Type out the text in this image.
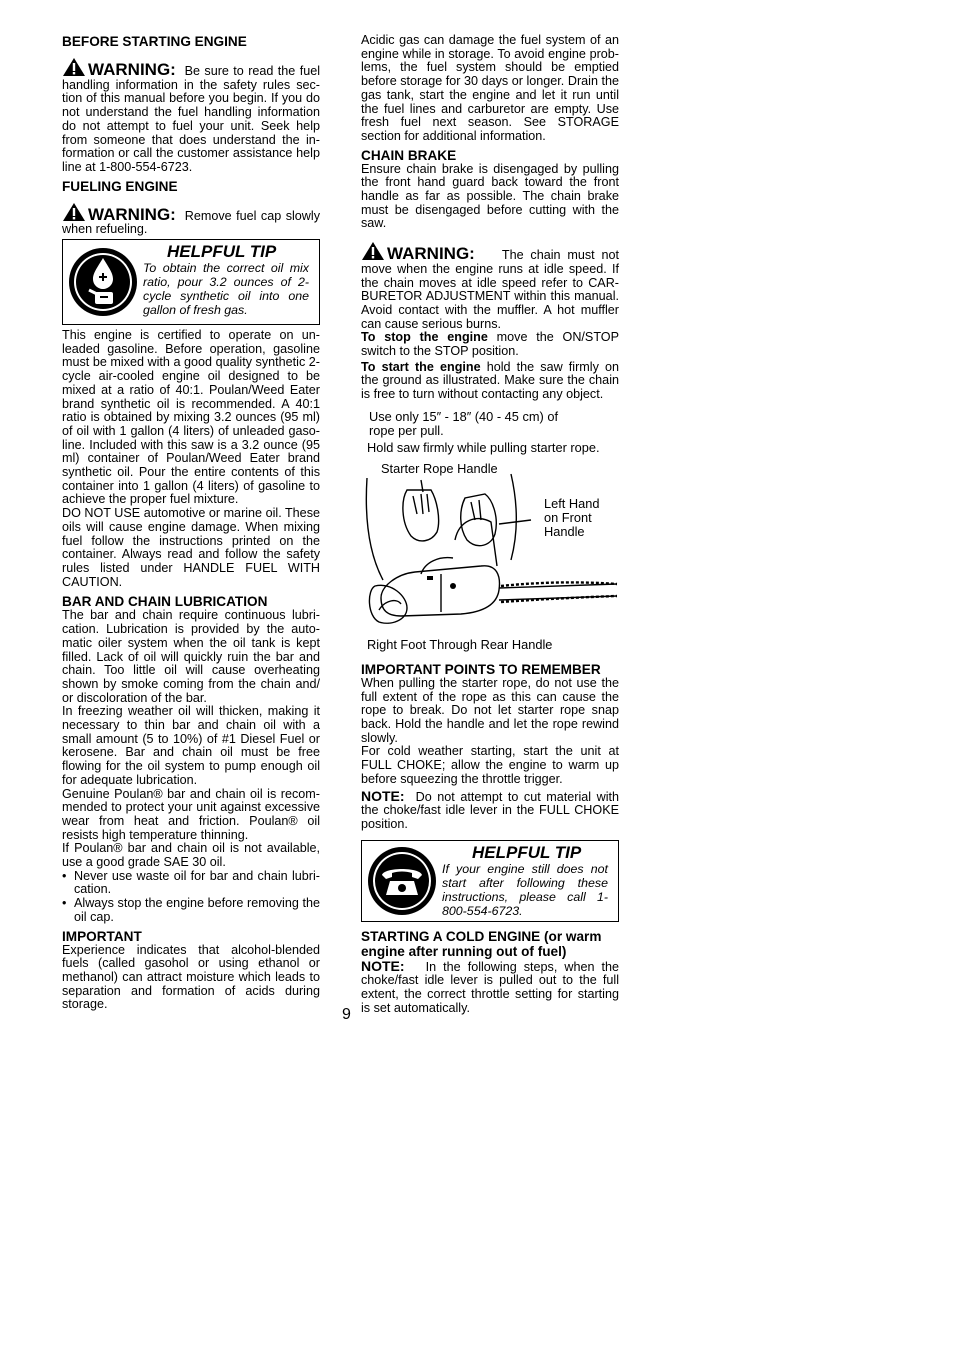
BEFORE STARTING ENGINE

WARNING: Be sure to read the fuel handling information in the safety rules section of this manual before you begin. If you do not understand the fuel handling information do not attempt to fuel your unit. Seek help from someone that does understand the information or call the customer assistance help line at 1-800-554-6723.

FUELING ENGINE

WARNING: Remove fuel cap slowly when refueling.

HELPFUL TIP
To obtain the correct oil mix ratio, pour 3.2 ounces of 2-cycle synthetic oil into one gallon of fresh gas.

This engine is certified to operate on unleaded gasoline. Before operation, gasoline must be mixed with a good quality synthetic 2-cycle air-cooled engine oil designed to be mixed at a ratio of 40:1. Poulan/Weed Eater brand synthetic oil is recommended. A 40:1 ratio is obtained by mixing 3.2 ounces (95 ml) of oil with 1 gallon (4 liters) of unleaded gasoline. Included with this saw is a 3.2 ounce (95 ml) container of Poulan/Weed Eater brand synthetic oil. Pour the entire contents of this container into 1 gallon (4 liters) of gasoline to achieve the proper fuel mixture.

DO NOT USE automotive or marine oil. These oils will cause engine damage. When mixing fuel follow the instructions printed on the container. Always read and follow the safety rules listed under HANDLE FUEL WITH CAUTION.

BAR AND CHAIN LUBRICATION

The bar and chain require continuous lubrication. Lubrication is provided by the automatic oiler system when the oil tank is kept filled. Lack of oil will quickly ruin the bar and chain. Too little oil will cause overheating shown by smoke coming from the chain and/ or discoloration of the bar.

In freezing weather oil will thicken, making it necessary to thin bar and chain oil with a small amount (5 to 10%) of #1 Diesel Fuel or kerosene. Bar and chain oil must be free flowing for the oil system to pump enough oil for adequate lubrication.

Genuine Poulan® bar and chain oil is recommended to protect your unit against excessive wear from heat and friction. Poulan® oil resists high temperature thinning.

If Poulan® bar and chain oil is not available, use a good grade SAE 30 oil.

• Never use waste oil for bar and chain lubrication.
• Always stop the engine before removing the oil cap.
IMPORTANT

Experience indicates that alcohol-blended fuels (called gasohol or using ethanol or methanol) can attract moisture which leads to separation and formation of acids during storage.

Acidic gas can damage the fuel system of an engine while in storage. To avoid engine problems, the fuel system should be emptied before storage for 30 days or longer. Drain the gas tank, start the engine and let it run until the fuel lines and carburetor are empty. Use fresh fuel next season. See STORAGE section for additional information.

CHAIN BRAKE

Ensure chain brake is disengaged by pulling the front hand guard back toward the front handle as far as possible. The chain brake must be disengaged before cutting with the saw.

WARNING: The chain must not move when the engine runs at idle speed. If the chain moves at idle speed refer to CARBURETOR ADJUSTMENT within this manual. Avoid contact with the muffler. A hot muffler can cause serious burns.

To stop the engine move the ON/STOP switch to the STOP position.

To start the engine hold the saw firmly on the ground as illustrated. Make sure the chain is free to turn without contacting any object.

Use only 15″ - 18″ (40 - 45 cm) of
rope per pull.
Hold saw firmly while pulling starter rope.
Starter Rope Handle
Left Hand
on Front
Handle
Right Foot Through Rear Handle
IMPORTANT POINTS TO REMEMBER

When pulling the starter rope, do not use the full extent of the rope as this can cause the rope to break. Do not let starter rope snap back. Hold the handle and let the rope rewind slowly.

For cold weather starting, start the unit at FULL CHOKE; allow the engine to warm up before squeezing the throttle trigger.

NOTE: Do not attempt to cut material with the choke/fast idle lever in the FULL CHOKE position.

HELPFUL TIP
If your engine still does not start after following these instructions, please call 1-800-554-6723.
STARTING A COLD ENGINE (or warm engine after running out of fuel)

NOTE: In the following steps, when the choke/fast idle lever is pulled out to the full extent, the correct throttle setting for starting is set automatically.

9
